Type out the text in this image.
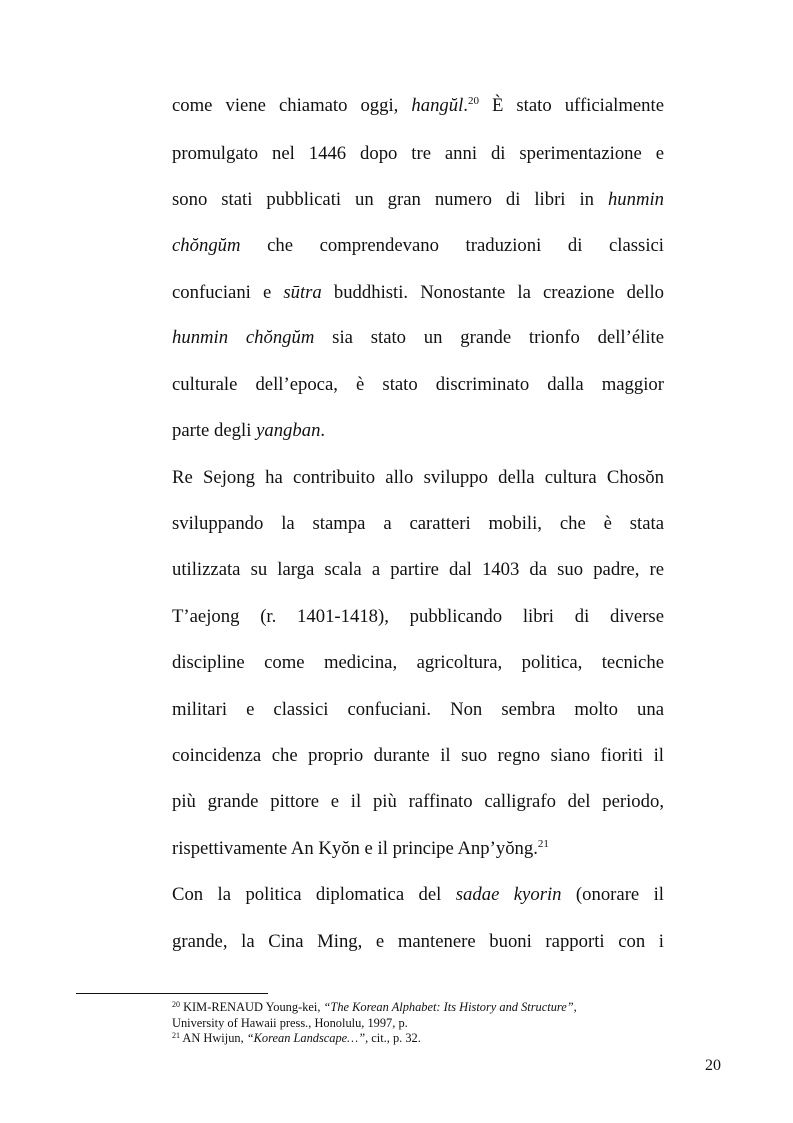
come viene chiamato oggi, hangŭl.$^{20}$ È stato ufficialmente
promulgato nel 1446 dopo tre anni di sperimentazione e
sono stati pubblicati un gran numero di libri in hunmin
chŏngŭm che comprendevano traduzioni di classici
confuciani e sūtra buddhisti. Nonostante la creazione dello
hunmin chŏngŭm sia stato un grande trionfo dell’élite
culturale dell’epoca, è stato discriminato dalla maggior
parte degli yangban.
Re Sejong ha contribuito allo sviluppo della cultura Chosŏn
sviluppando la stampa a caratteri mobili, che è stata
utilizzata su larga scala a partire dal 1403 da suo padre, re
T’aejong (r. 1401-1418), pubblicando libri di diverse
discipline come medicina, agricoltura, politica, tecniche
militari e classici confuciani. Non sembra molto una
coincidenza che proprio durante il suo regno siano fioriti il
più grande pittore e il più raffinato calligrafo del periodo,
rispettivamente An Kyŏn e il principe Anp’yŏng.$^{21}$
Con la politica diplomatica del sadae kyorin (onorare il
grande, la Cina Ming, e mantenere buoni rapporti con i
$^{20}$ KIM-RENAUD Young-kei, “The Korean Alphabet: Its History and Structure”,
University of Hawaii press., Honolulu, 1997, p.
$^{21}$ AN Hwijun, “Korean Landscape…”, cit., p. 32.
20
